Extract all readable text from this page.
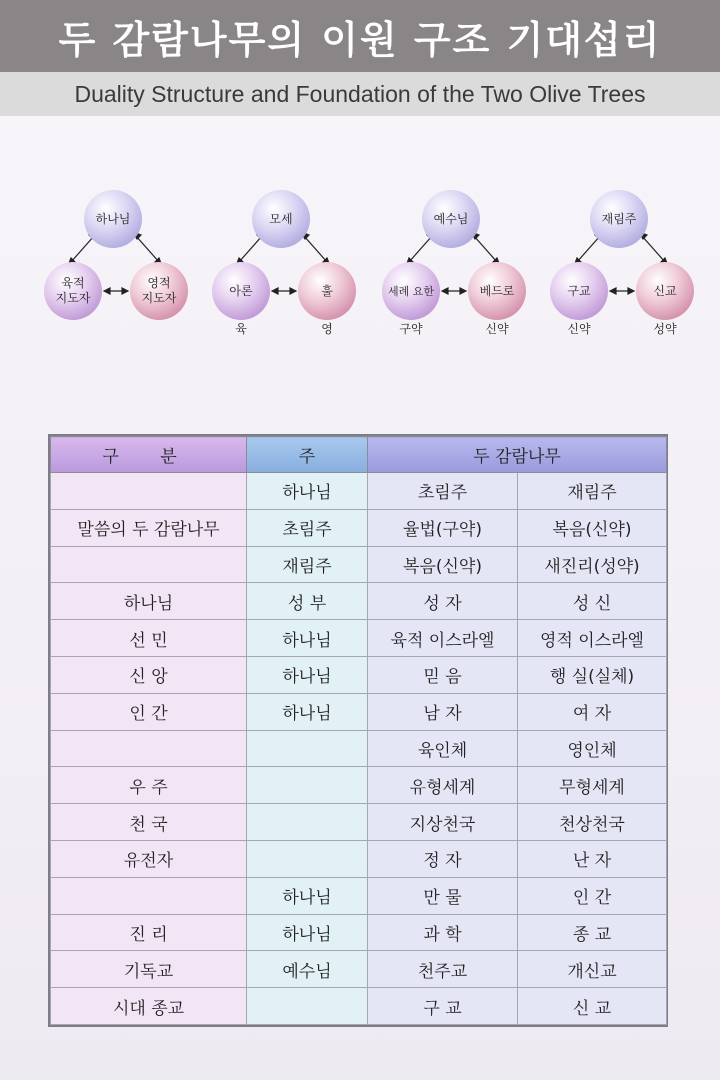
두 감람나무의 이원 구조 기대섭리
Duality Structure and Foundation of the Two Olive Trees
하나님
육적
지도자
영적
지도자
모세
아론	훌
육	영
예수님
세례 요한	베드로
구약	신약
재림주
구교	신교
신약	성약
구 분	주	두 감람나무	
	하나님	초림주	재림주
말씀의 두 감람나무	초림주	율법(구약)	복음(신약)
	재림주	복음(신약)	새진리(성약)
하나님	성 부	성 자	성 신
선 민	하나님	육적 이스라엘	영적 이스라엘
신 앙	하나님	믿 음	행 실(실체)
인 간	하나님	남 자	여 자
		육인체	영인체
우 주		유형세계	무형세계
천 국		지상천국	천상천국
유전자		정 자	난 자
	하나님	만 물	인 간
진 리	하나님	과 학	종 교
기독교	예수님	천주교	개신교
시대 종교		구 교	신 교
